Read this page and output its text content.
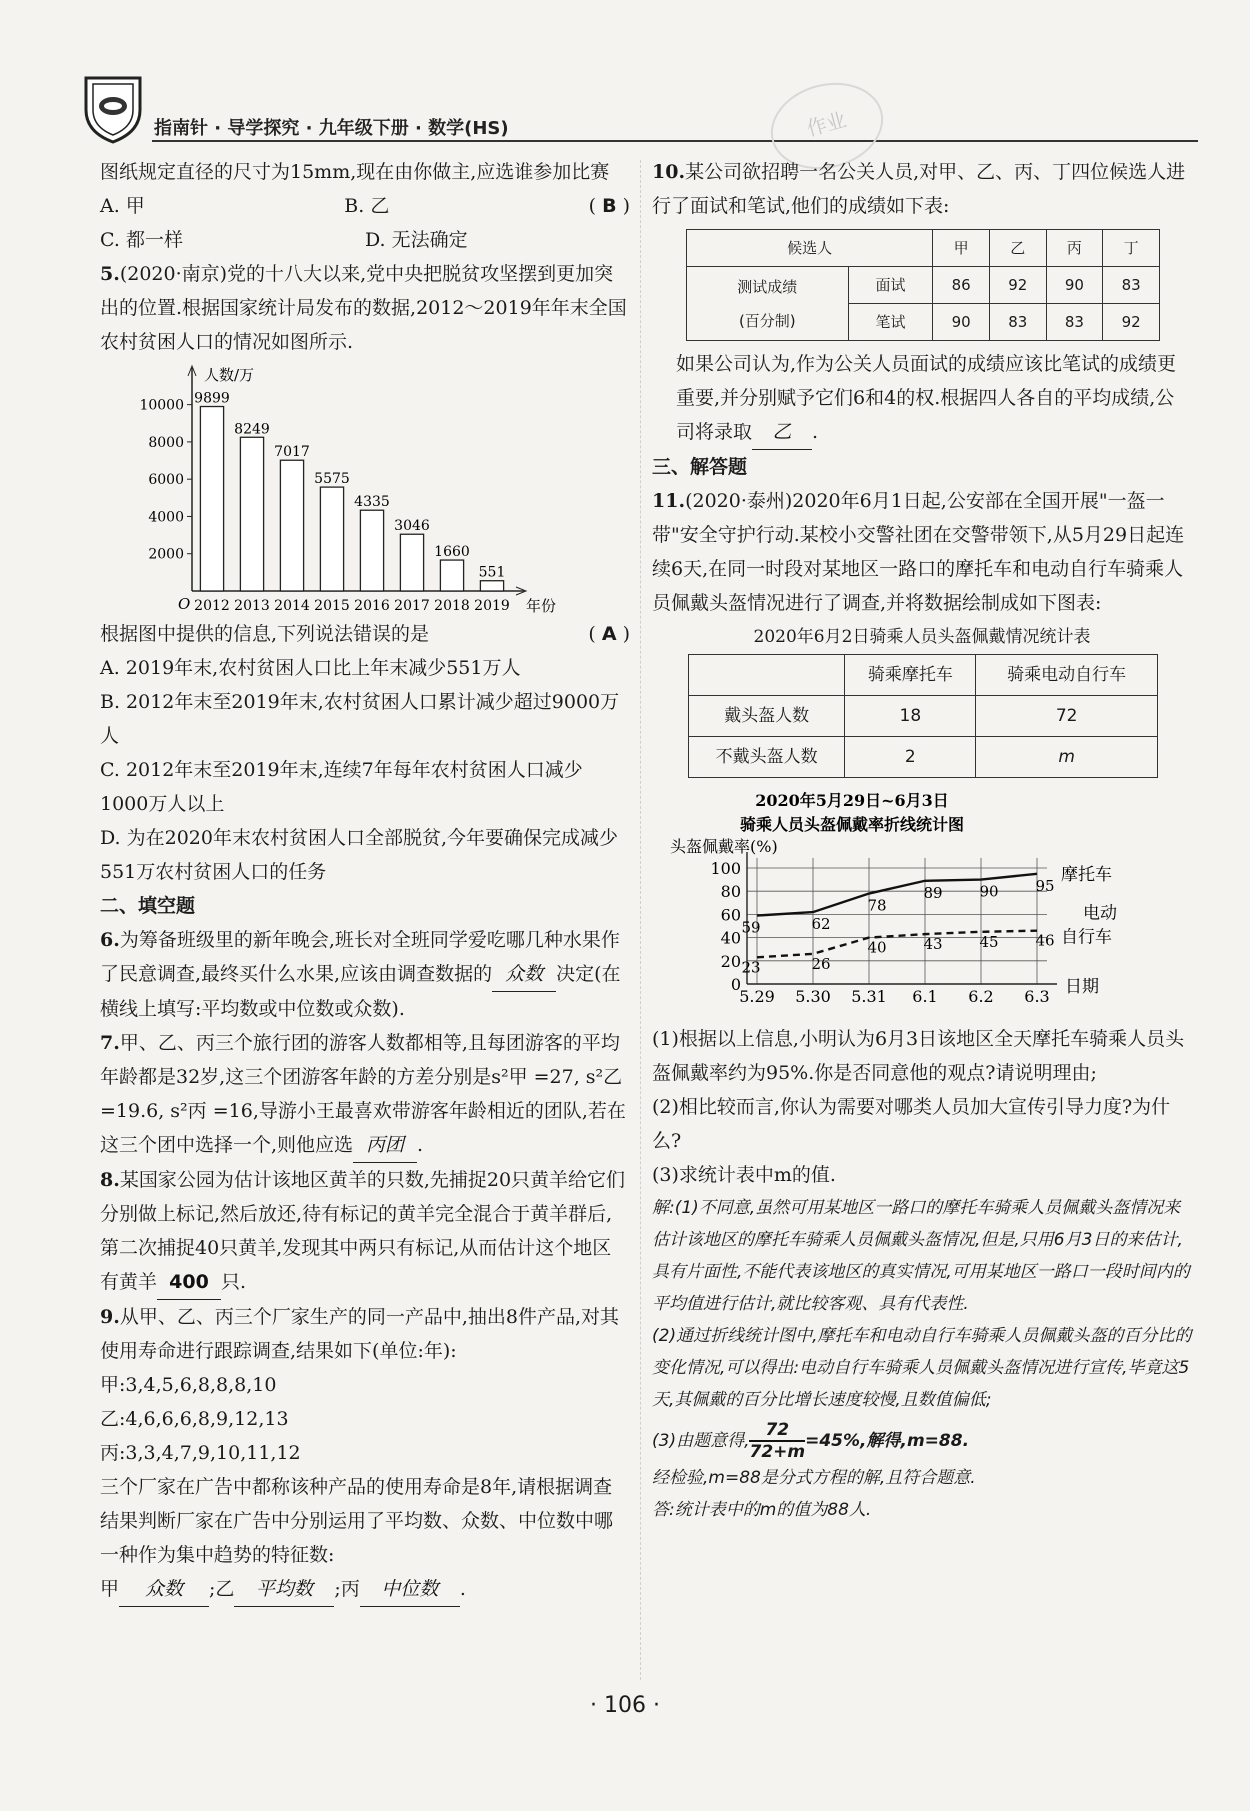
指南针 · 导学探究 · 九年级下册 · 数学(HS)	作业

图纸规定直径的尺寸为15mm,现在由你做主,应选谁参加比赛
( B )

A. 甲	B. 乙
C. 都一样	D. 无法确定

5.(2020·南京)党的十八大以来,党中央把脱贫攻坚摆到更加突出的位置.根据国家统计局发布的数据,2012～2019年年末全国农村贫困人口的情况如图所示.

人数/万
年份
O
2000
4000
6000
8000
10000 9899
2012
8249
2013
7017
2014
5575
2015
4335
2016
3046
2017
1660
2018
551
2019

根据图中提供的信息,下列说法错误的是	( A )

A. 2019年末,农村贫困人口比上年末减少551万人

B. 2012年末至2019年末,农村贫困人口累计减少超过9000万人

C. 2012年末至2019年末,连续7年每年农村贫困人口减少1000万人以上

D. 为在2020年末农村贫困人口全部脱贫,今年要确保完成减少551万农村贫困人口的任务

二、填空题

6.为筹备班级里的新年晚会,班长对全班同学爱吃哪几种水果作了民意调查,最终买什么水果,应该由调查数据的 众数 决定(在横线上填写:平均数或中位数或众数).

7.甲、乙、丙三个旅行团的游客人数都相等,且每团游客的平均年龄都是32岁,这三个团游客年龄的方差分别是s²甲 =27, s²乙 =19.6, s²丙 =16,导游小王最喜欢带游客年龄相近的团队,若在这三个团中选择一个,则他应选 丙团 .

8.某国家公园为估计该地区黄羊的只数,先捕捉20只黄羊给它们分别做上标记,然后放还,待有标记的黄羊完全混合于黄羊群后,第二次捕捉40只黄羊,发现其中两只有标记,从而估计这个地区有黄羊 400 只.

9.从甲、乙、丙三个厂家生产的同一产品中,抽出8件产品,对其使用寿命进行跟踪调查,结果如下(单位:年):

甲:3,4,5,6,8,8,8,10

乙:4,6,6,6,8,9,12,13

丙:3,3,4,7,9,10,11,12

三个厂家在广告中都称该种产品的使用寿命是8年,请根据调查结果判断厂家在广告中分别运用了平均数、众数、中位数中哪一种作为集中趋势的特征数:

甲 众数 ;乙 平均数 ;丙 中位数 .

10.某公司欲招聘一名公关人员,对甲、乙、丙、丁四位候选人进行了面试和笔试,他们的成绩如下表:

候选人		甲	乙	丙	丁
测试成绩
(百分制)	面试	86	92	90	83
	笔试	90	83	83	92

如果公司认为,作为公关人员面试的成绩应该比笔试的成绩更重要,并分别赋予它们6和4的权.根据四人各自的平均成绩,公司将录取 乙 .

三、解答题

11.(2020·泰州)2020年6月1日起,公安部在全国开展"一盔一带"安全守护行动.某校小交警社团在交警带领下,从5月29日起连续6天,在同一时段对某地区一路口的摩托车和电动自行车骑乘人员佩戴头盔情况进行了调查,并将数据绘制成如下图表:

2020年6月2日骑乘人员头盔佩戴情况统计表

	骑乘摩托车	骑乘电动自行车
戴头盔人数	18	72
不戴头盔人数	2	m
2020年5月29日~6月3日
骑乘人员头盔佩戴率折线统计图
头盔佩戴率(%)
0
20
40
60
80
100
5.29 5.30 5.31 6.1 6.2 6.3 日期
59	62
78
89 90 95
23	26
40 43 45 46
摩托车
电动
自行车

(1)根据以上信息,小明认为6月3日该地区全天摩托车骑乘人员头盔佩戴率约为95%.你是否同意他的观点?请说明理由;

(2)相比较而言,你认为需要对哪类人员加大宣传引导力度?为什么?

(3)求统计表中m的值.

解:(1)不同意,虽然可用某地区一路口的摩托车骑乘人员佩戴头盔情况来估计该地区的摩托车骑乘人员佩戴头盔情况,但是,只用6月3日的来估计,具有片面性,不能代表该地区的真实情况,可用某地区一路口一段时间内的平均值进行估计,就比较客观、具有代表性.

(2)通过折线统计图中,摩托车和电动自行车骑乘人员佩戴头盔的百分比的变化情况,可以得出:电动自行车骑乘人员佩戴头盔情况进行宣传,毕竟这5天,其佩戴的百分比增长速度较慢,且数值偏低;

(3)由题意得, $\frac{72}{72+m} =45\%$,解得,m=88.

经检验,m=88是分式方程的解,且符合题意.

答:统计表中的m的值为88人.

· 106 ·
